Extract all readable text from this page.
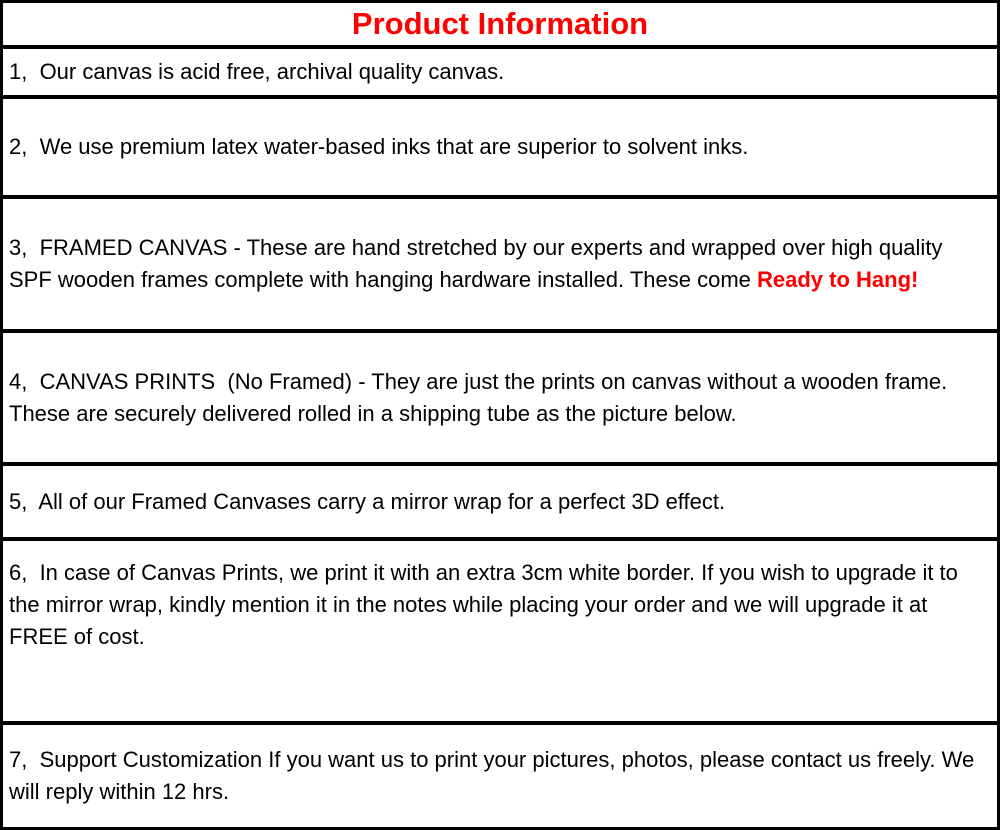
Product Information

1,  Our canvas is acid free, archival quality canvas.

2,  We use premium latex water-based inks that are superior to solvent inks.

3,  FRAMED CANVAS - These are hand stretched by our experts and wrapped over high quality SPF wooden frames complete with hanging hardware installed. These come Ready to Hang!

4,  CANVAS PRINTS  (No Framed) - They are just the prints on canvas without a wooden frame. These are securely delivered rolled in a shipping tube as the picture below.

5,  All of our Framed Canvases carry a mirror wrap for a perfect 3D effect.

6,  In case of Canvas Prints, we print it with an extra 3cm white border. If you wish to upgrade it to the mirror wrap, kindly mention it in the notes while placing your order and we will upgrade it at FREE of cost.

7,  Support Customization If you want us to print your pictures, photos, please contact us freely. We will reply within 12 hrs.
